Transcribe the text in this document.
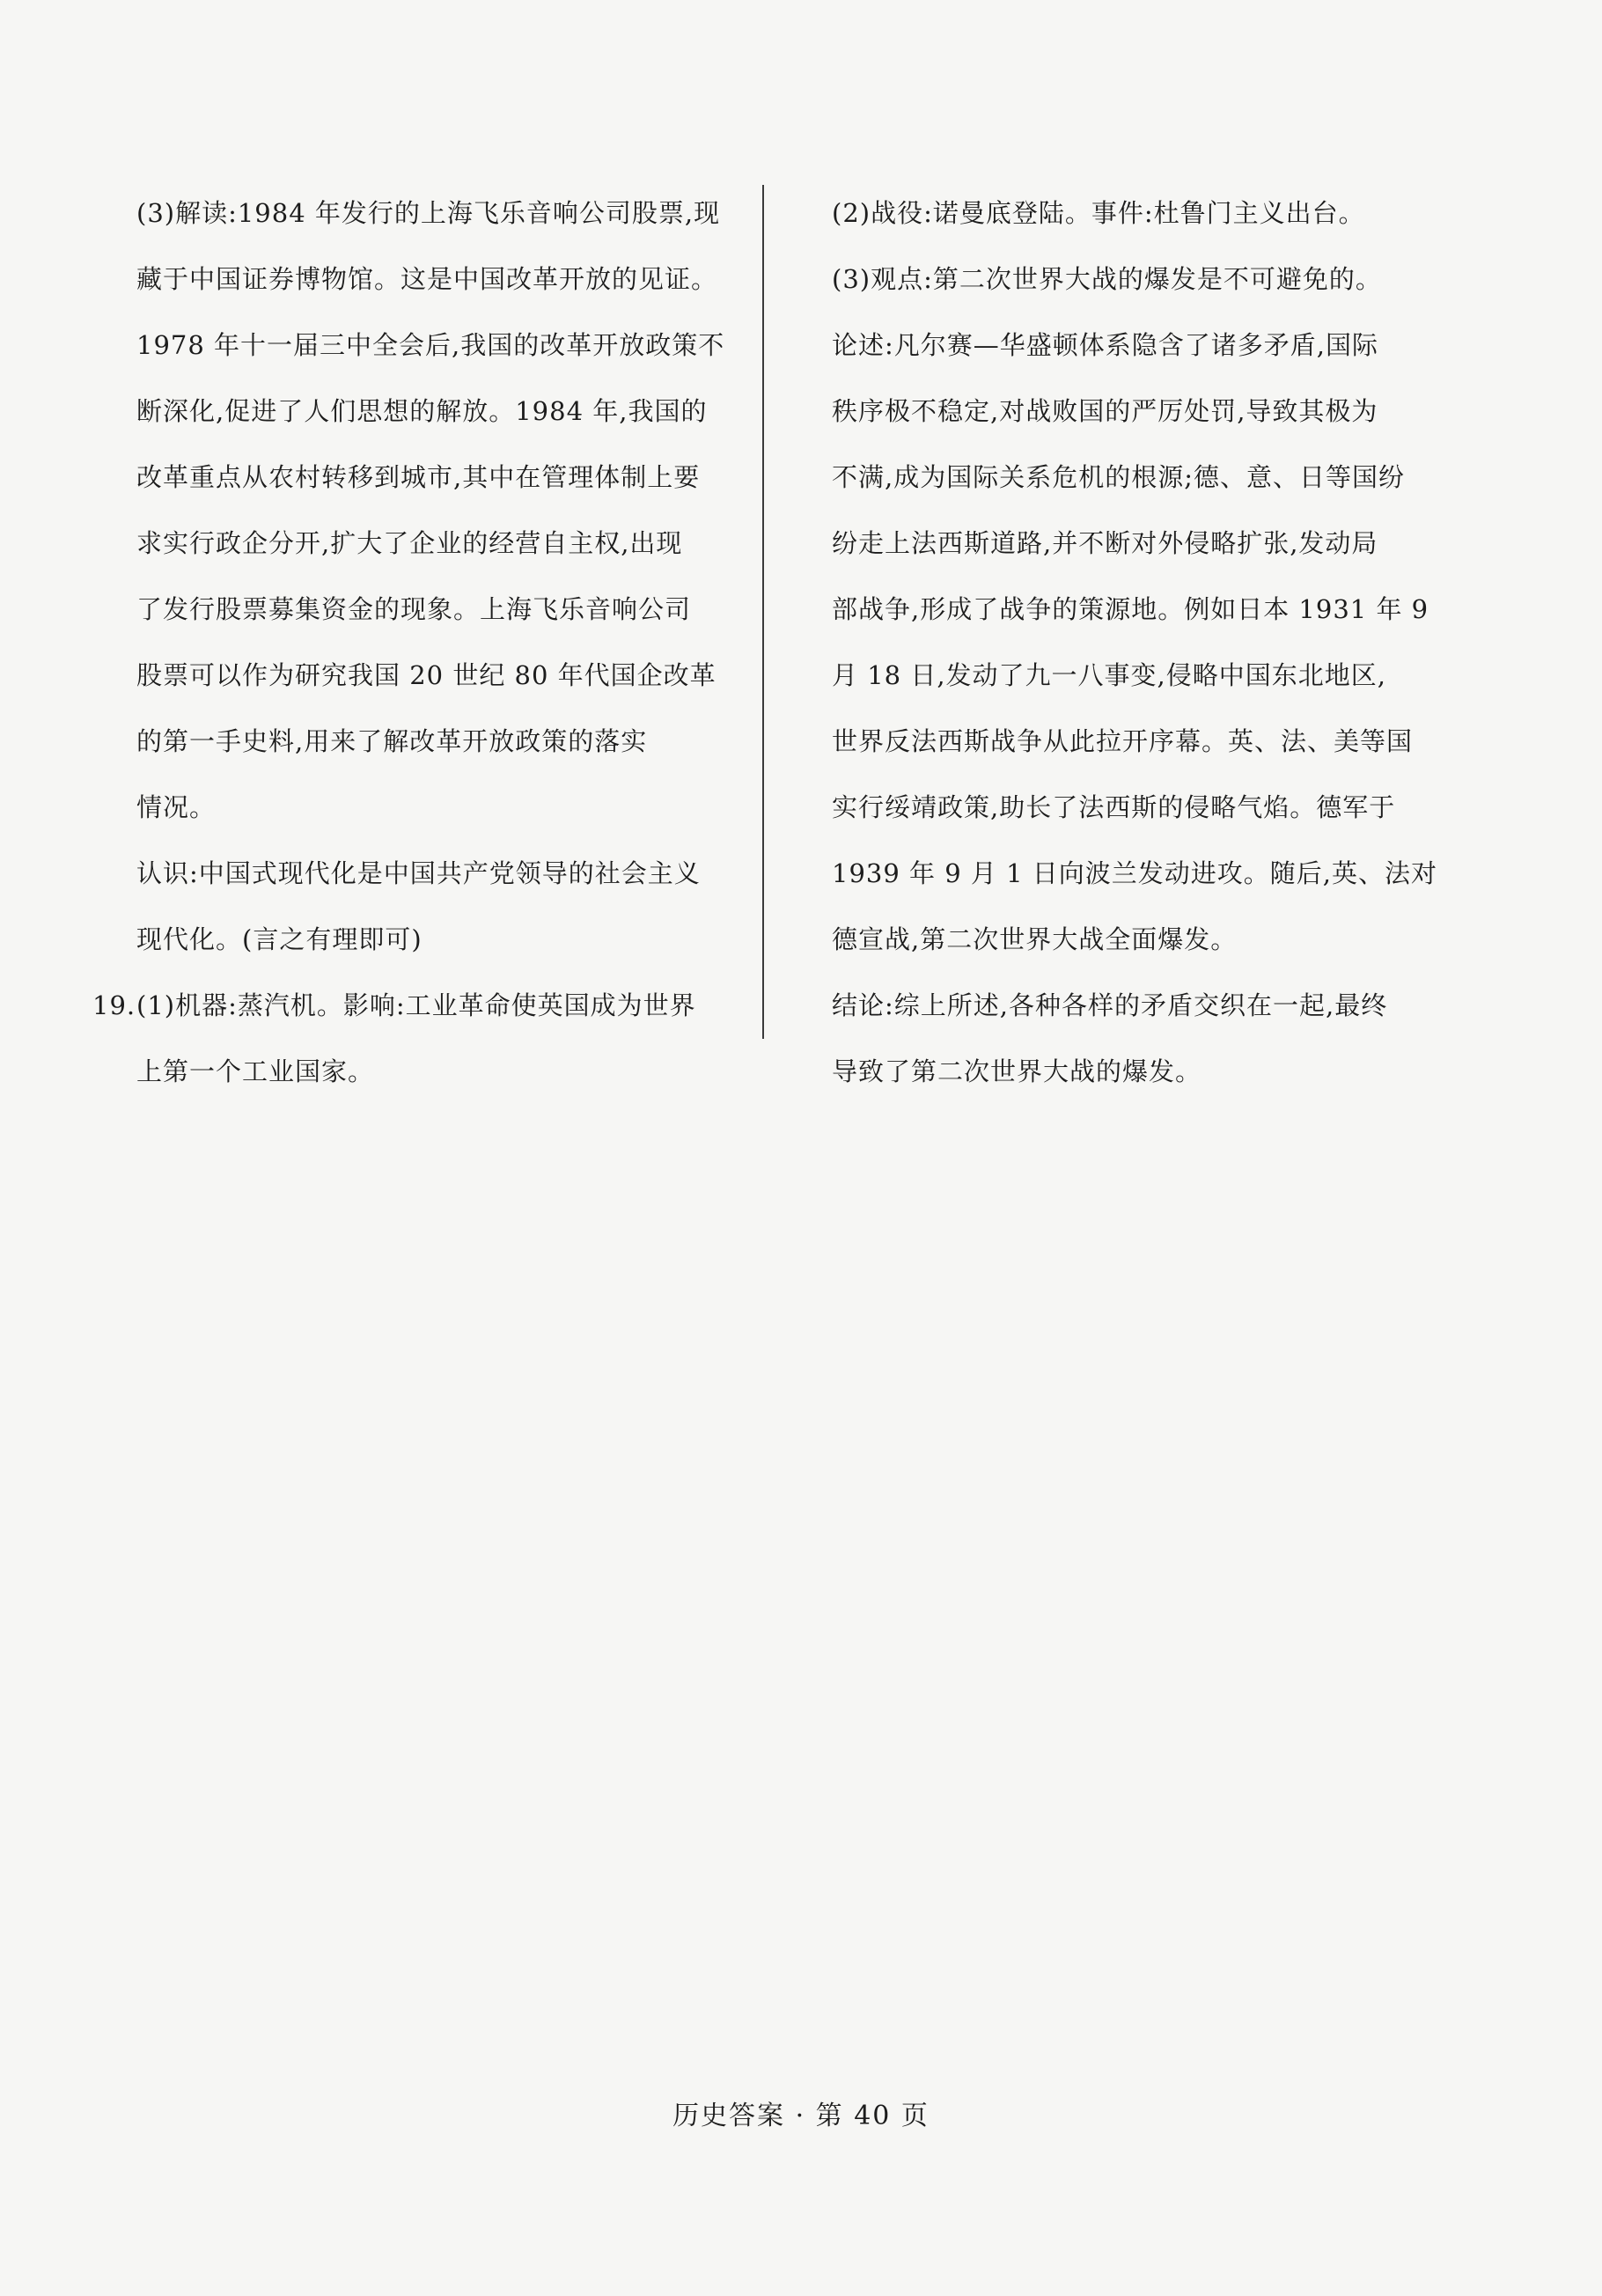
(3)解读:1984 年发行的上海飞乐音响公司股票,现
藏于中国证券博物馆。这是中国改革开放的见证。
1978 年十一届三中全会后,我国的改革开放政策不
断深化,促进了人们思想的解放。1984 年,我国的
改革重点从农村转移到城市,其中在管理体制上要
求实行政企分开,扩大了企业的经营自主权,出现
了发行股票募集资金的现象。上海飞乐音响公司
股票可以作为研究我国 20 世纪 80 年代国企改革
的第一手史料,用来了解改革开放政策的落实
情况。
认识:中国式现代化是中国共产党领导的社会主义
现代化。(言之有理即可)
(1)机器:蒸汽机。影响:工业革命使英国成为世界
上第一个工业国家。
19.
(2)战役:诺曼底登陆。事件:杜鲁门主义出台。
(3)观点:第二次世界大战的爆发是不可避免的。
论述:凡尔赛—华盛顿体系隐含了诸多矛盾,国际
秩序极不稳定,对战败国的严厉处罚,导致其极为
不满,成为国际关系危机的根源;德、意、日等国纷
纷走上法西斯道路,并不断对外侵略扩张,发动局
部战争,形成了战争的策源地。例如日本 1931 年 9
月 18 日,发动了九一八事变,侵略中国东北地区,
世界反法西斯战争从此拉开序幕。英、法、美等国
实行绥靖政策,助长了法西斯的侵略气焰。德军于
1939 年 9 月 1 日向波兰发动进攻。随后,英、法对
德宣战,第二次世界大战全面爆发。
结论:综上所述,各种各样的矛盾交织在一起,最终
导致了第二次世界大战的爆发。
历史答案 · 第 40 页
